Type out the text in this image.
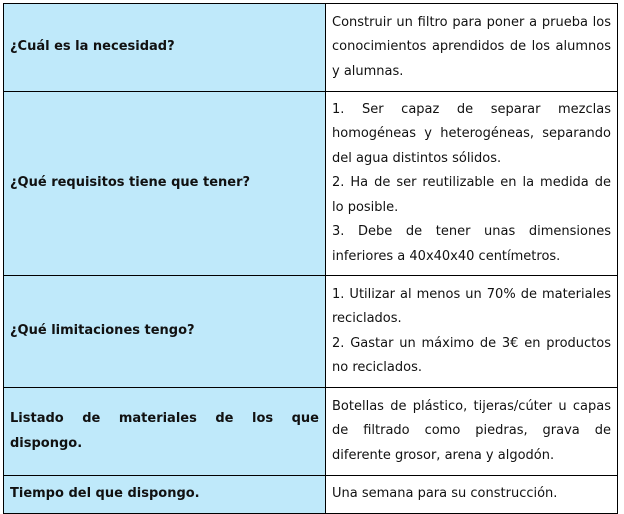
¿Cuál es la necesidad?	Construir un filtro para poner a prueba los conocimientos aprendidos de los alumnos y alumnas.
¿Qué requisitos tiene que tener?	1. Ser capaz de separar mezclas homogéneas y heterogéneas, separando del agua distintos sólidos.
2. Ha de ser reutilizable en la medida de lo posible.
3. Debe de tener unas dimensiones inferiores a 40x40x40 centímetros.

¿Qué limitaciones tengo?	1. Utilizar al menos un 70% de materiales reciclados.
2. Gastar un máximo de 3€ en productos no reciclados.

Listado de materiales de los que dispongo.	Botellas de plástico, tijeras/cúter u capas de filtrado como piedras, grava de diferente grosor, arena y algodón.
Tiempo del que dispongo.	Una semana para su construcción.
